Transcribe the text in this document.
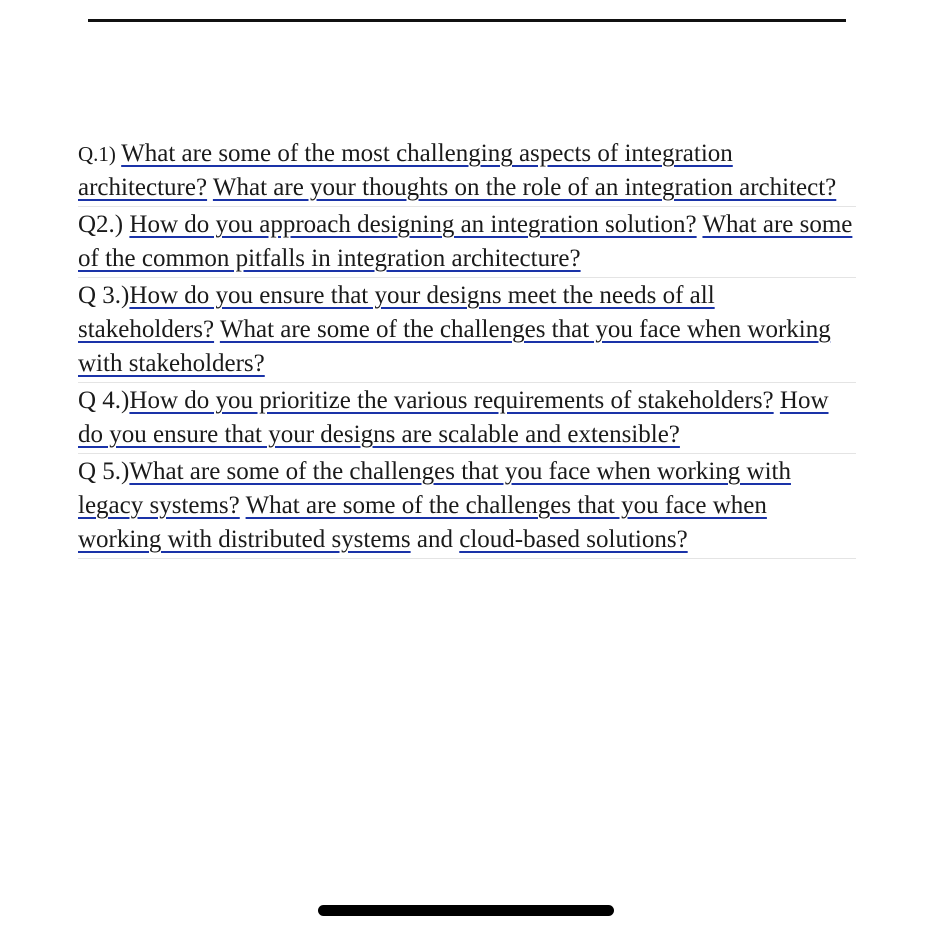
Q.1) What are some of the most challenging aspects of integration architecture? What are your thoughts on the role of an integration architect?
Q2.) How do you approach designing an integration solution? What are some of the common pitfalls in integration architecture?
Q 3.)How do you ensure that your designs meet the needs of all stakeholders? What are some of the challenges that you face when working with stakeholders?
Q 4.)How do you prioritize the various requirements of stakeholders? How do you ensure that your designs are scalable and extensible?
Q 5.)What are some of the challenges that you face when working with legacy systems? What are some of the challenges that you face when working with distributed systems and cloud-based solutions?
